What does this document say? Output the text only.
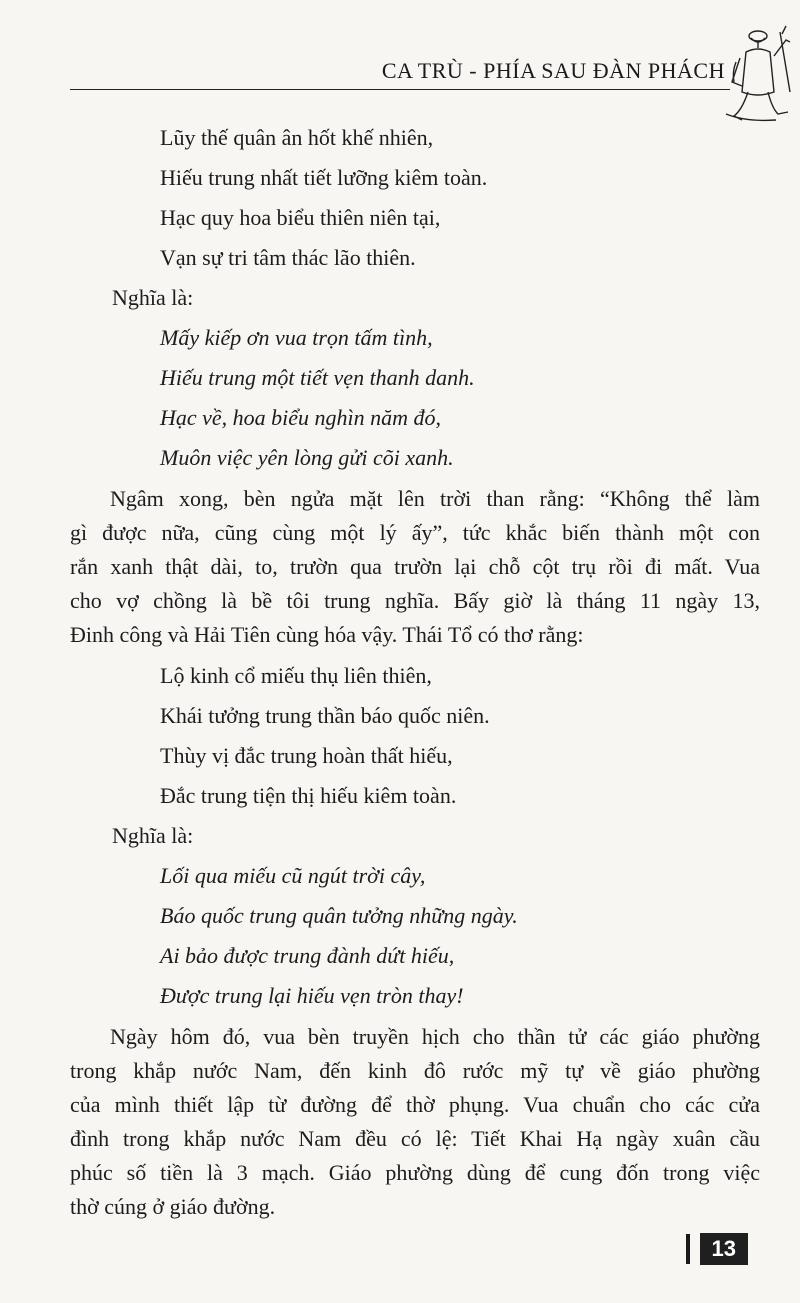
CA TRÙ - PHÍA SAU ĐÀN PHÁCH
Lũy thế quân ân hốt khế nhiên,
Hiếu trung nhất tiết lưỡng kiêm toàn.
Hạc quy hoa biểu thiên niên tại,
Vạn sự tri tâm thác lão thiên.
Nghĩa là:
Mấy kiếp ơn vua trọn tấm tình,
Hiếu trung một tiết vẹn thanh danh.
Hạc về, hoa biểu nghìn năm đó,
Muôn việc yên lòng gửi cõi xanh.
Ngâm xong, bèn ngửa mặt lên trời than rằng: “Không thể làm
gì được nữa, cũng cùng một lý ấy”, tức khắc biến thành một con
rắn xanh thật dài, to, trườn qua trườn lại chỗ cột trụ rồi đi mất. Vua
cho vợ chồng là bề tôi trung nghĩa. Bấy giờ là tháng 11 ngày 13,
Đinh công và Hải Tiên cùng hóa vậy. Thái Tổ có thơ rằng:
Lộ kinh cổ miếu thụ liên thiên,
Khái tưởng trung thần báo quốc niên.
Thùy vị đắc trung hoàn thất hiếu,
Đắc trung tiện thị hiếu kiêm toàn.
Nghĩa là:
Lối qua miếu cũ ngút trời cây,
Báo quốc trung quân tưởng những ngày.
Ai bảo được trung đành dứt hiếu,
Được trung lại hiếu vẹn tròn thay!
Ngày hôm đó, vua bèn truyền hịch cho thần tử các giáo phường
trong khắp nước Nam, đến kinh đô rước mỹ tự về giáo phường
của mình thiết lập từ đường để thờ phụng. Vua chuẩn cho các cửa
đình trong khắp nước Nam đều có lệ: Tiết Khai Hạ ngày xuân cầu
phúc số tiền là 3 mạch. Giáo phường dùng để cung đốn trong việc
thờ cúng ở giáo đường.
13
